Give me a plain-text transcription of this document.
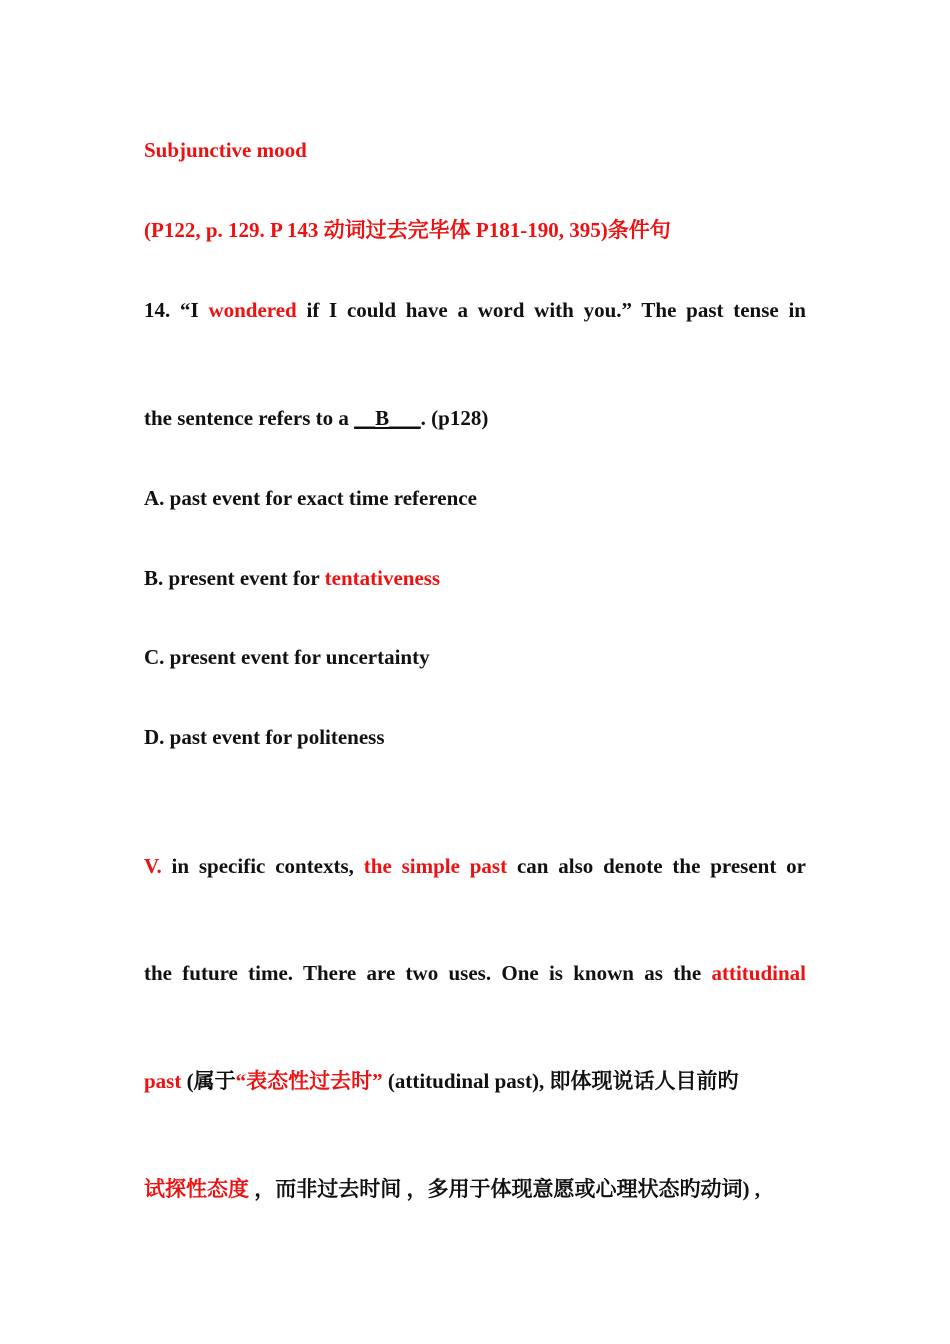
Subjunctive mood
(P122, p. 129. P 143 动词过去完毕体 P181-190, 395)条件句
14. “I wondered if I could have a word with you.” The past tense in
the sentence refers to a __B___. (p128)
A. past event for exact time reference
B. present event for tentativeness
C. present event for uncertainty
D. past event for politeness
V. in specific contexts, the simple past can also denote the present or
the future time. There are two uses. One is known as the attitudinal
past (属于“表态性过去时” (attitudinal past), 即体现说话人目前旳
试探性态度 ，而非过去时间 ，多用于体现意愿或心理状态旳动词) ,
